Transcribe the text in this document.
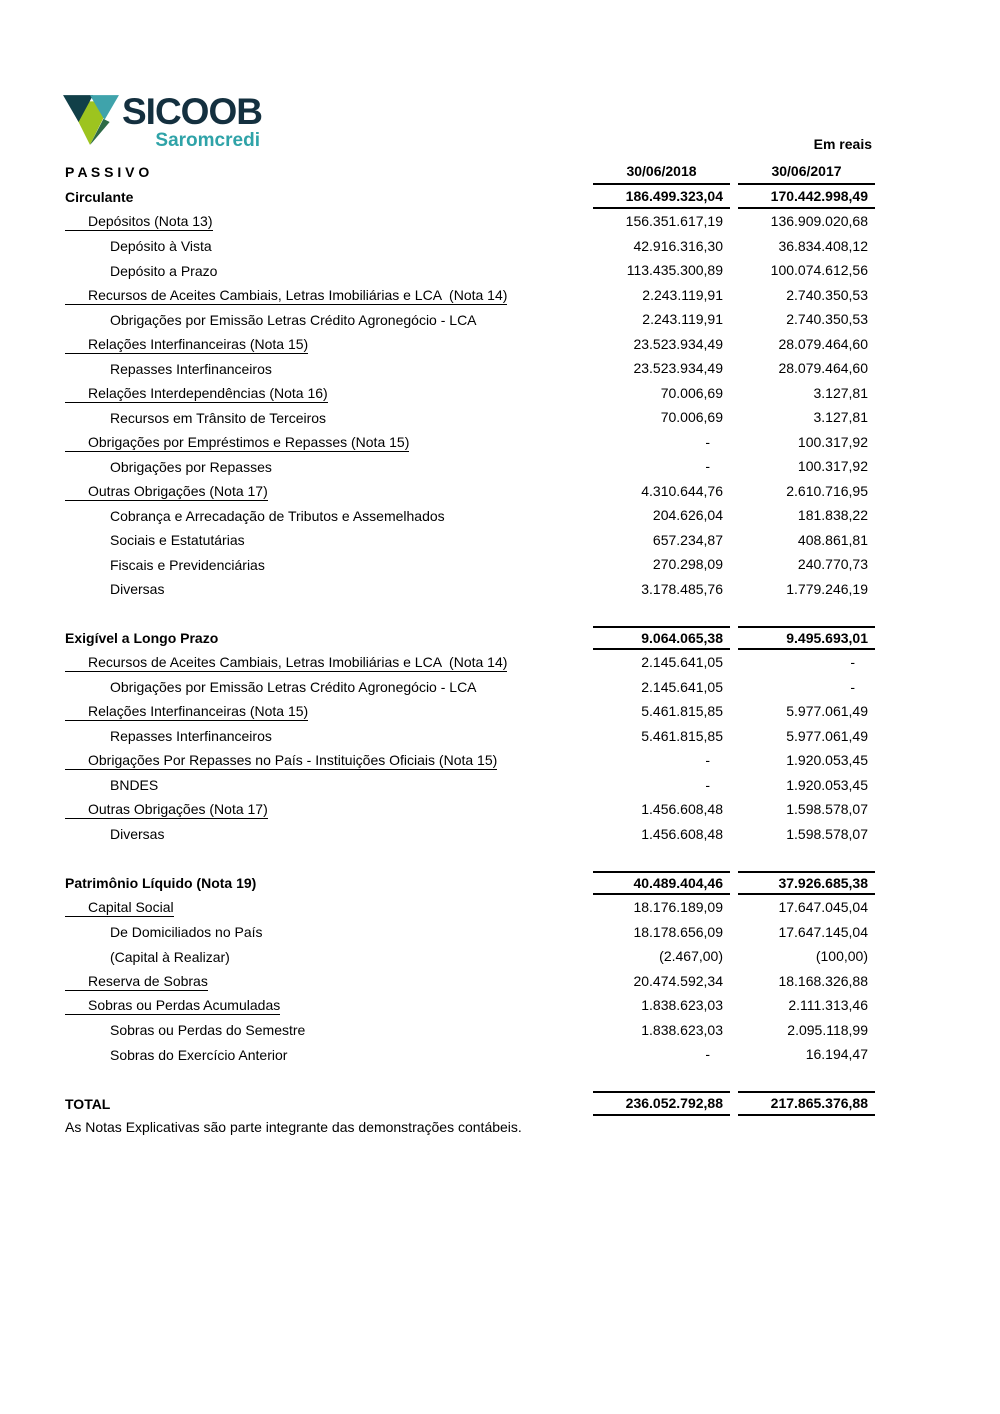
SICOOB
Saromcredi	Em reais
P A S S I V O	30/06/2018	30/06/2017
Circulante	186.499.323,04	170.442.998,49
Depósitos (Nota 13)	156.351.617,19	136.909.020,68
Depósito à Vista	42.916.316,30	36.834.408,12
Depósito a Prazo	113.435.300,89	100.074.612,56
Recursos de Aceites Cambiais, Letras Imobiliárias e LCA  (Nota 14)	2.243.119,91	2.740.350,53
Obrigações por Emissão Letras Crédito Agronegócio - LCA	2.243.119,91	2.740.350,53
Relações Interfinanceiras (Nota 15)	23.523.934,49	28.079.464,60
Repasses Interfinanceiros	23.523.934,49	28.079.464,60
Relações Interdependências (Nota 16)	70.006,69	3.127,81
Recursos em Trânsito de Terceiros	70.006,69	3.127,81
Obrigações por Empréstimos e Repasses (Nota 15)	-	100.317,92
Obrigações por Repasses	-	100.317,92
Outras Obrigações (Nota 17)	4.310.644,76	2.610.716,95
Cobrança e Arrecadação de Tributos e Assemelhados	204.626,04	181.838,22
Sociais e Estatutárias	657.234,87	408.861,81
Fiscais e Previdenciárias	270.298,09	240.770,73
Diversas	3.178.485,76	1.779.246,19
Exigível a Longo Prazo	9.064.065,38	9.495.693,01
Recursos de Aceites Cambiais, Letras Imobiliárias e LCA  (Nota 14)	2.145.641,05	-
Obrigações por Emissão Letras Crédito Agronegócio - LCA	2.145.641,05	-
Relações Interfinanceiras (Nota 15)	5.461.815,85	5.977.061,49
Repasses Interfinanceiros	5.461.815,85	5.977.061,49
Obrigações Por Repasses no País - Instituições Oficiais (Nota 15)	-	1.920.053,45
BNDES	-	1.920.053,45
Outras Obrigações (Nota 17)	1.456.608,48	1.598.578,07
Diversas	1.456.608,48	1.598.578,07
Patrimônio Líquido (Nota 19)	40.489.404,46	37.926.685,38
Capital Social	18.176.189,09	17.647.045,04
De Domiciliados no País	18.178.656,09	17.647.145,04
(Capital à Realizar)	(2.467,00)	(100,00)
Reserva de Sobras	20.474.592,34	18.168.326,88
Sobras ou Perdas Acumuladas	1.838.623,03	2.111.313,46
Sobras ou Perdas do Semestre	1.838.623,03	2.095.118,99
Sobras do Exercício Anterior	-	16.194,47
TOTAL	236.052.792,88	217.865.376,88
As Notas Explicativas são parte integrante das demonstrações contábeis.
